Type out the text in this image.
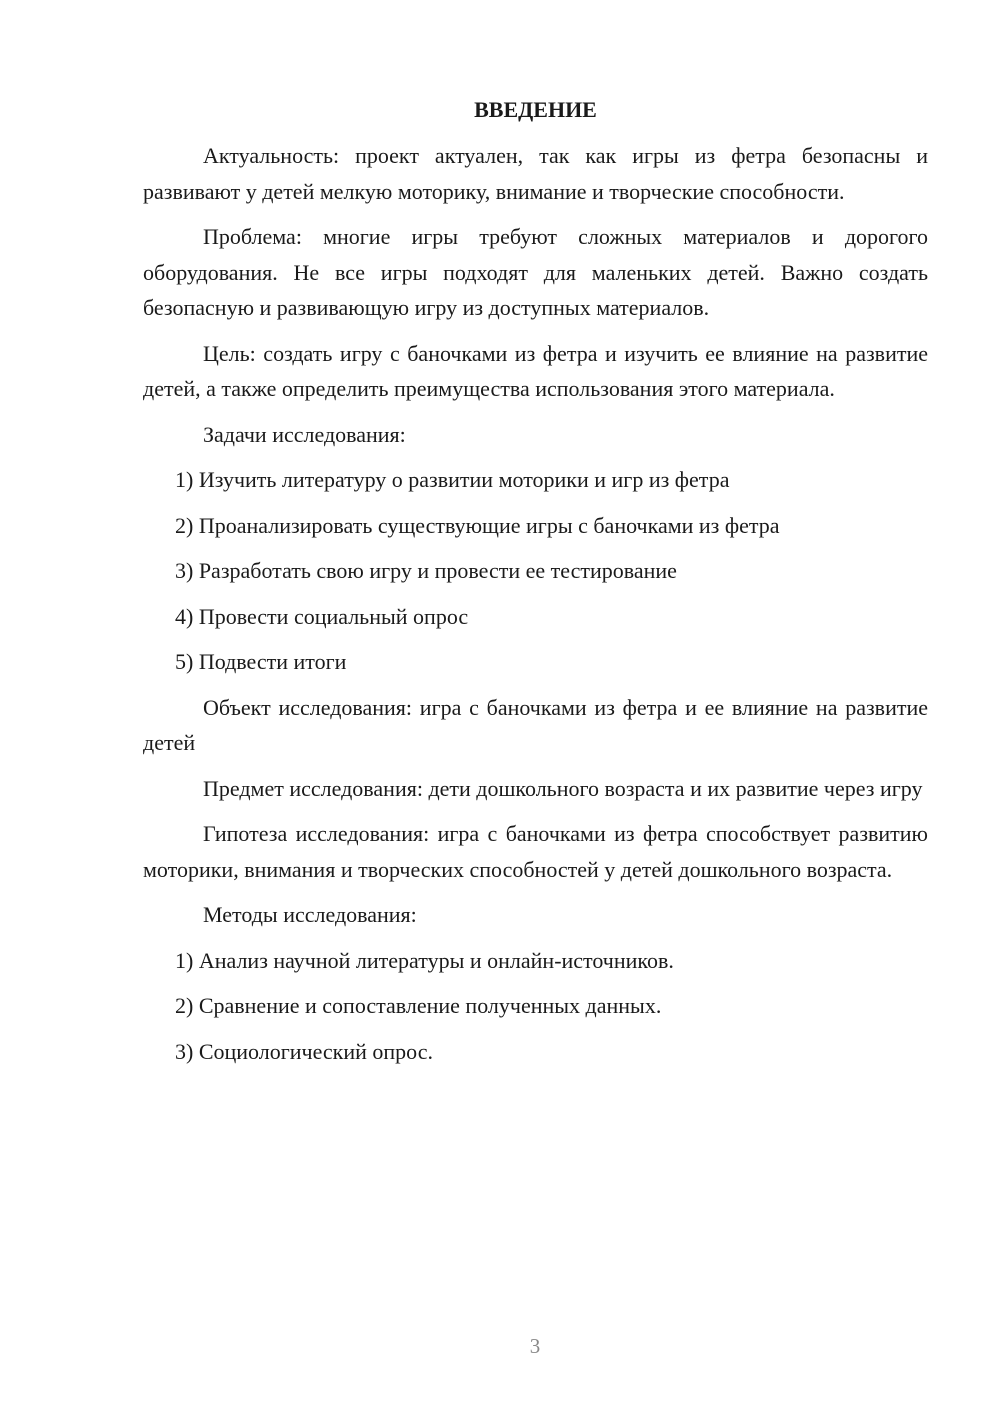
ВВЕДЕНИЕ

Актуальность: проект актуален, так как игры из фетра безопасны и развивают у детей мелкую моторику, внимание и творческие способности.

Проблема: многие игры требуют сложных материалов и дорогого оборудования. Не все игры подходят для маленьких детей. Важно создать безопасную и развивающую игру из доступных материалов.

Цель: создать игру с баночками из фетра и изучить ее влияние на развитие детей, а также определить преимущества использования этого материала.

Задачи исследования:
1) Изучить литературу о развитии моторики и игр из фетра
2) Проанализировать существующие игры с баночками из фетра
3) Разработать свою игру и провести ее тестирование
4) Провести социальный опрос
5) Подвести итоги

Объект исследования: игра с баночками из фетра и ее влияние на развитие детей

Предмет исследования: дети дошкольного возраста и их развитие через игру

Гипотеза исследования: игра с баночками из фетра способствует развитию моторики, внимания и творческих способностей у детей дошкольного возраста.

Методы исследования:
1) Анализ научной литературы и онлайн-источников.
2) Сравнение и сопоставление полученных данных.
3) Социологический опрос.
3
